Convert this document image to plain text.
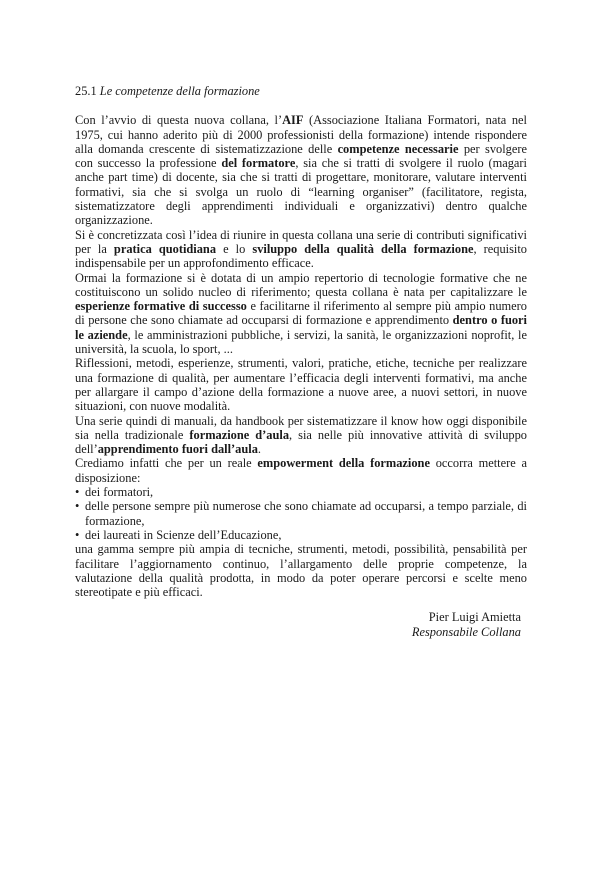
25.1 Le competenze della formazione

Con l’avvio di questa nuova collana, l’AIF (Associazione Italiana Formatori, nata nel 1975, cui hanno aderito più di 2000 professionisti della formazione) intende rispondere alla domanda crescente di sistematizzazione delle competenze necessarie per svolgere con successo la professione del formatore, sia che si tratti di svolgere il ruolo (magari anche part time) di docente, sia che si tratti di progettare, monitorare, valutare interventi formativi, sia che si svolga un ruolo di “learning organiser” (facilitatore, regista, sistematizzatore degli apprendimenti individuali e organizzativi) dentro qualche organizzazione.

Si è concretizzata così l’idea di riunire in questa collana una serie di contributi significativi per la pratica quotidiana e lo sviluppo della qualità della formazione, requisito indispensabile per un approfondimento efficace.

Ormai la formazione si è dotata di un ampio repertorio di tecnologie formative che ne costituiscono un solido nucleo di riferimento; questa collana è nata per capitalizzare le esperienze formative di successo e facilitarne il riferimento al sempre più ampio numero di persone che sono chiamate ad occuparsi di formazione e apprendimento dentro o fuori le aziende, le amministrazioni pubbliche, i servizi, la sanità, le organizzazioni noprofit, le università, la scuola, lo sport, ...

Riflessioni, metodi, esperienze, strumenti, valori, pratiche, etiche, tecniche per realizzare una formazione di qualità, per aumentare l’efficacia degli interventi formativi, ma anche per allargare il campo d’azione della formazione a nuove aree, a nuovi settori, in nuove situazioni, con nuove modalità.

Una serie quindi di manuali, da handbook per sistematizzare il know how oggi disponibile sia nella tradizionale formazione d’aula, sia nelle più innovative attività di sviluppo dell’apprendimento fuori dall’aula.

Crediamo infatti che per un reale empowerment della formazione occorra mettere a disposizione:

• dei formatori,
• delle persone sempre più numerose che sono chiamate ad occuparsi, a tempo parziale, di formazione,
• dei laureati in Scienze dell’Educazione,

una gamma sempre più ampia di tecniche, strumenti, metodi, possibilità, pensabilità per facilitare l’aggiornamento continuo, l’allargamento delle proprie competenze, la valutazione della qualità prodotta, in modo da poter operare percorsi e scelte meno stereotipate e più efficaci.

Pier Luigi Amietta
Responsabile Collana
